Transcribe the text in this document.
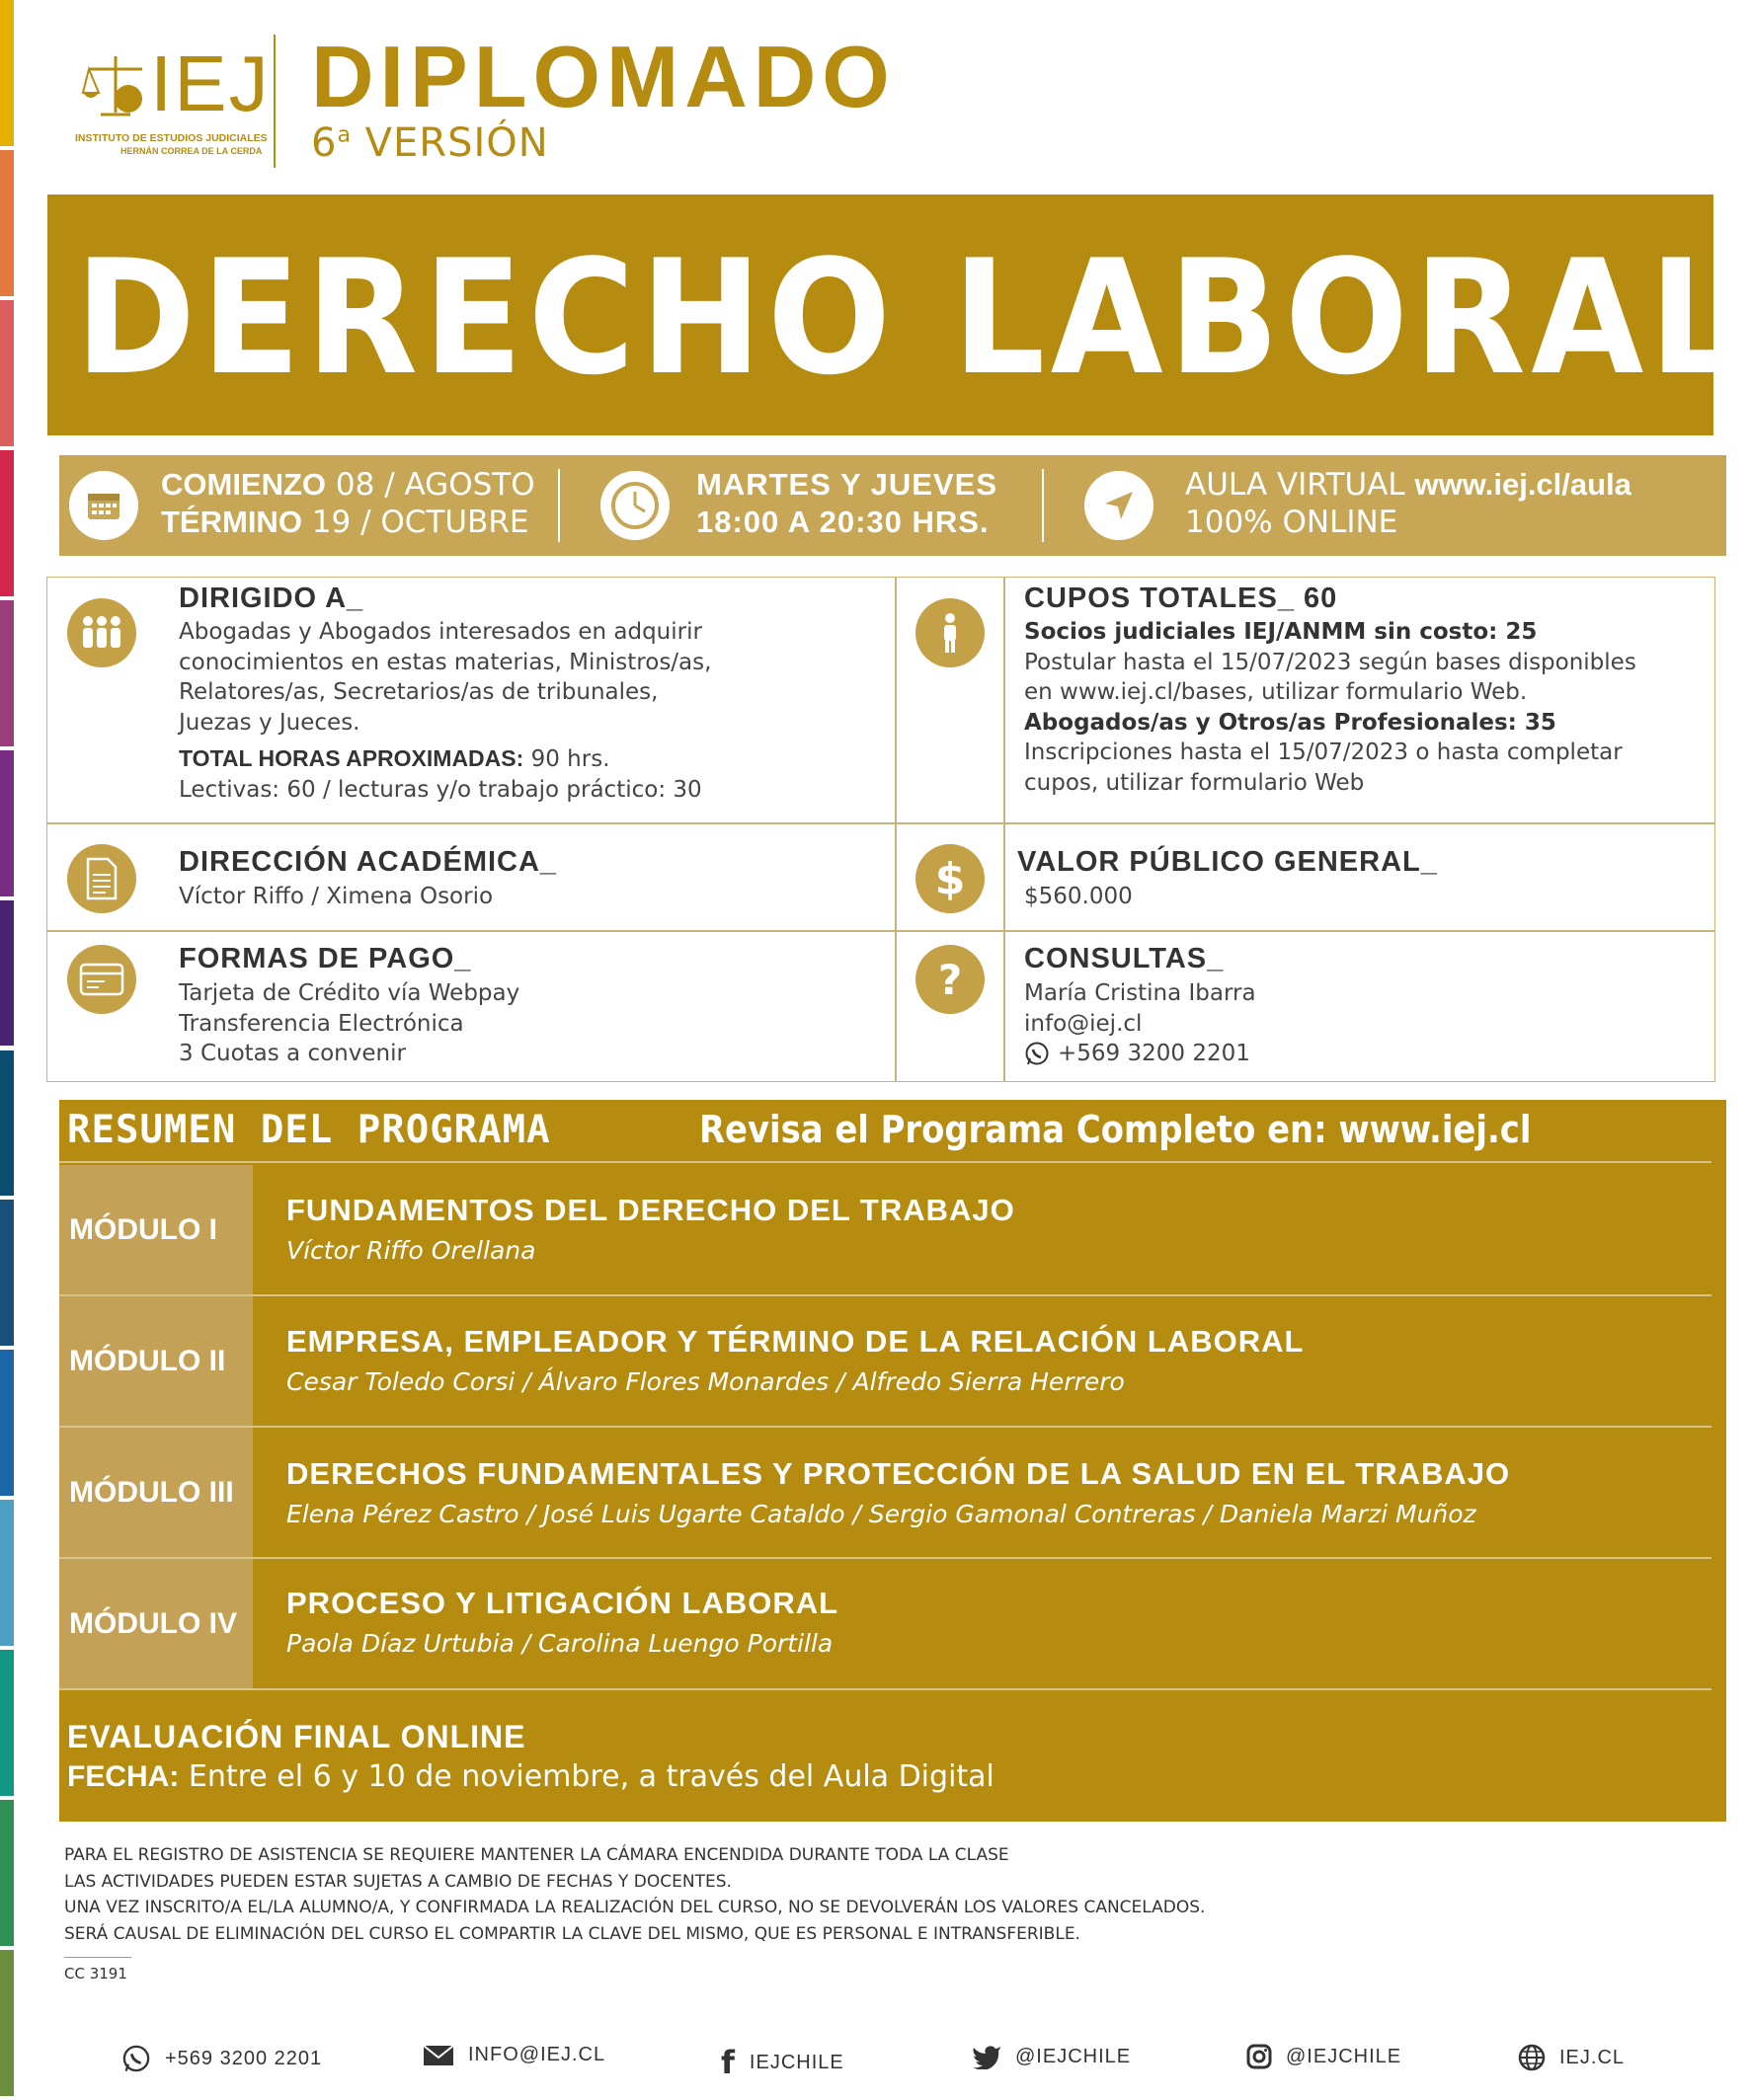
IEJ
INSTITUTO DE ESTUDIOS JUDICIALES
HERNÁN CORREA DE LA CERDA
DIPLOMADO
6$^a$ VERSIÓN
DERECHO LABORAL
COMIENZO 08 / AGOSTO
TÉRMINO 19 / OCTUBRE
MARTES Y JUEVES
18:00 A 20:30 HRS.
AULA VIRTUAL www.iej.cl/aula
100% ONLINE
DIRIGIDO A_
Abogadas y Abogados interesados en adquirir
conocimientos en estas materias, Ministros/as,
Relatores/as, Secretarios/as de tribunales,
Juezas y Jueces.
TOTAL HORAS APROXIMADAS: 90 hrs.
Lectivas: 60 / lecturas y/o trabajo práctico: 30
CUPOS TOTALES_ 60
Socios judiciales IEJ/ANMM sin costo: 25
Postular hasta el 15/07/2023 según bases disponibles
en www.iej.cl/bases, utilizar formulario Web.
Abogados/as y Otros/as Profesionales: 35
Inscripciones hasta el 15/07/2023 o hasta completar
cupos, utilizar formulario Web
DIRECCIÓN ACADÉMICA_
Víctor Riffo / Ximena Osorio	$ VALOR PÚBLICO GENERAL_
$560.000
FORMAS DE PAGO_
Tarjeta de Crédito vía Webpay
Transferencia Electrónica
3 Cuotas a convenir
? CONSULTAS_
María Cristina Ibarra
info@iej.cl
+569 3200 2201
RESUMEN DEL PROGRAMA	Revisa el Programa Completo en: www.iej.cl
MÓDULO I
FUNDAMENTOS DEL DERECHO DEL TRABAJO
Víctor Riffo Orellana
MÓDULO II
EMPRESA, EMPLEADOR Y TÉRMINO DE LA RELACIÓN LABORAL
Cesar Toledo Corsi / Álvaro Flores Monardes / Alfredo Sierra Herrero
MÓDULO III
DERECHOS FUNDAMENTALES Y PROTECCIÓN DE LA SALUD EN EL TRABAJO
Elena Pérez Castro / José Luis Ugarte Cataldo / Sergio Gamonal Contreras / Daniela Marzi Muñoz
MÓDULO IV
PROCESO Y LITIGACIÓN LABORAL
Paola Díaz Urtubia / Carolina Luengo Portilla
EVALUACIÓN FINAL ONLINE
FECHA: Entre el 6 y 10 de noviembre, a través del Aula Digital
PARA EL REGISTRO DE ASISTENCIA SE REQUIERE MANTENER LA CÁMARA ENCENDIDA DURANTE TODA LA CLASE
LAS ACTIVIDADES PUEDEN ESTAR SUJETAS A CAMBIO DE FECHAS Y DOCENTES.
UNA VEZ INSCRITO/A EL/LA ALUMNO/A, Y CONFIRMADA LA REALIZACIÓN DEL CURSO, NO SE DEVOLVERÁN LOS VALORES CANCELADOS.
SERÁ CAUSAL DE ELIMINACIÓN DEL CURSO EL COMPARTIR LA CLAVE DEL MISMO, QUE ES PERSONAL E INTRANSFERIBLE.
CC 3191
+569 3200 2201	INFO@IEJ.CL	f IEJCHILE	@IEJCHILE	@IEJCHILE	IEJ.CL
